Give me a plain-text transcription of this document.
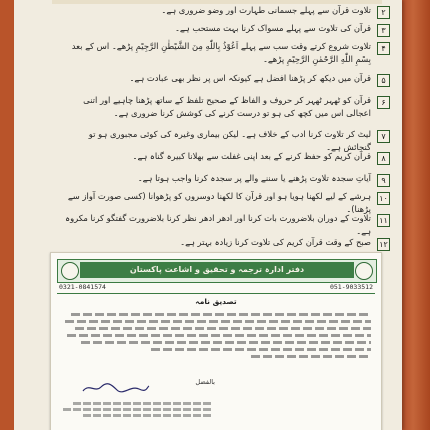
۲
تلاوت قرآن سے پہلے جسمانی طہارت اور وضو ضروری ہے۔
۳
قرآن کی تلاوت سے پہلے مسواک کرنا بہت مستحب ہے۔
۴
تلاوت شروع کرتے وقت سب سے پہلے اَعُوْذُ بِاللّٰهِ مِنَ الشَّيْطٰنِ الرَّجِيْمِ پڑھے۔ اس کے بعد بِسْمِ اللّٰهِ الرَّحْمٰنِ الرَّحِيْمِ پڑھے۔
۵
قرآن میں دیکھ کر پڑھنا افضل ہے کیونکہ اس پر نظر بھی عبادت ہے۔
۶
قرآن کو ٹھہر ٹھہر کر حروف و الفاظ کے صحیح تلفظ کے ساتھ پڑھنا چاہیے اور اتنی اعجالی اس میں کچھ کی ہو تو درست کرنے کی کوشش کرنا ضروری ہے۔
۷
لیٹ کر تلاوت کرنا ادب کے خلاف ہے۔ لیکن بیماری وغیرہ کی کوئی مجبوری ہو تو گنجائش ہے۔
۸
قرآن کریم کو حفظ کرنے کے بعد اپنی غفلت سے بھلانا کبیرہ گناہ ہے۔
۹
آیاتِ سجدہ تلاوت پڑھنے یا سننے والے پر سجدہ کرنا واجب ہوتا ہے۔
۱۰
ہرشے کے لیے لکھنا ہویا ہو اور قرآن کا لکھنا دوسروں کو پڑھوانا (کسی صورت آواز سے پڑھنا)۔
۱۱
تلاوت کے دوران بلاضرورت بات کرنا اور ادھر ادھر نظر کرنا بلاضرورت گفتگو کرنا مکروہ ہے۔
۱۲
صبح کے وقت قرآن کریم کی تلاوت کرنا زیادہ بہتر ہے۔
دفتر ادارہ ترجمہ و تحقیق و اشاعت پاکستان
0321-0841574	051-9033512
تصدیق نامہ
بالفضل
